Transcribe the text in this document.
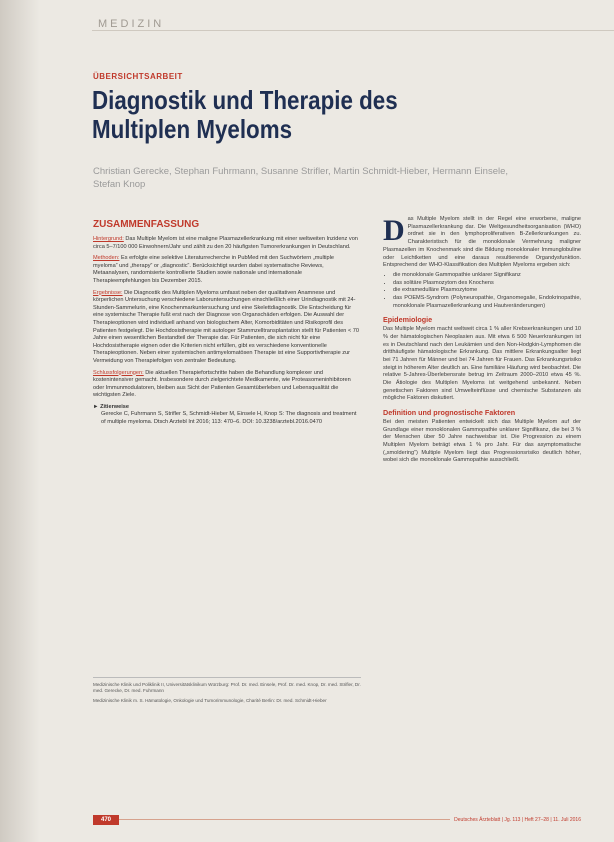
MEDIZIN
ÜBERSICHTSARBEIT
Diagnostik und Therapie des Multiplen Myeloms
Christian Gerecke, Stephan Fuhrmann, Susanne Strifler, Martin Schmidt-Hieber, Hermann Einsele, Stefan Knop
ZUSAMMENFASSUNG

Hintergrund: Das Multiple Myelom ist eine maligne Plasmazellerkrankung mit einer weltweiten Inzidenz von circa 5–7/100 000 Einwohnern/Jahr und zählt zu den 20 häufigsten Tumorerkrankungen in Deutschland.

Methoden: Es erfolgte eine selektive Literaturrecherche in PubMed mit den Suchwörtern „multiple myeloma“ und „therapy“ or „diagnostic“. Berücksichtigt wurden dabei systematische Reviews, Metaanalysen, randomisierte kontrollierte Studien sowie nationale und internationale Therapieempfehlungen bis Dezember 2015.

Ergebnisse: Die Diagnostik des Multiplen Myeloms umfasst neben der qualitativen Anamnese und körperlichen Untersuchung verschiedene Laboruntersuchungen einschließlich einer Urindiagnostik mit 24-Stunden-Sammelurin, eine Knochenmarkuntersuchung und eine Skelettdiagnostik. Die Entscheidung für eine systemische Therapie fußt erst nach der Diagnose von Organschäden erfolgen. Die Auswahl der Therapieoptionen wird individuell anhand von biologischem Alter, Komorbiditäten und Risikoprofil des Patienten festgelegt. Die Hochdosistherapie mit autologer Stammzelltransplantation stellt für Patienten < 70 Jahre einen wesentlichen Bestandteil der Therapie dar. Für Patienten, die sich nicht für eine Hochdosistherapie eignen oder die Kriterien nicht erfüllen, gibt es verschiedene konventionelle Therapieoptionen. Neben einer systemischen antimyelomatösen Therapie ist eine Supportivtherapie zur Vermeidung von Therapiefolgen von zentraler Bedeutung.

Schlussfolgerungen: Die aktuellen Therapiefortschritte haben die Behandlung komplexer und kostenintensiver gemacht. Insbesondere durch zielgerichtete Medikamente, wie Proteasomeninhibitoren oder Immunmodulatoren, bleiben aus Sicht der Patienten Gesamtüberleben und Lebensqualität die wichtigsten Ziele.

► Zitierweise
Gerecke C, Fuhrmann S, Strifler S, Schmidt-Hieber M, Einsele H, Knop S: The diagnosis and treatment of multiple myeloma. Dtsch Arztebl Int 2016; 113: 470–6. DOI: 10.3238/arztebl.2016.0470

Medizinische Klinik und Poliklinik II, Universitätsklinikum Würzburg: Prof. Dr. med. Einsele, Prof. Dr. med. Knop, Dr. med. Strifler, Dr. med. Gerecke, Dr. med. Fuhrmann

Medizinische Klinik m. S. Hämatologie, Onkologie und Tumorimmunologie, Charité Berlin: Dr. med. Schmidt-Hieber

Das Multiple Myelom stellt in der Regel eine erworbene, maligne Plasmazellerkrankung dar. Die Weltgesundheitsorganisation (WHO) ordnet sie in den lymphoproliferativen B-Zellerkrankungen zu. Charakteristisch für die monoklonale Vermehrung maligner Plasmazellen im Knochenmark sind die Bildung monoklonaler Immunglobuline oder Leichtketten und eine daraus resultierende Organdysfunktion. Entsprechend der WHO-Klassifikation des Multiplen Myeloms ergeben sich:

• die monoklonale Gammopathie unklarer Signifikanz
• das solitäre Plasmozytom des Knochens
• die extramedulläre Plasmozytome
• das POEMS-Syndrom (Polyneuropathie, Organomegalie, Endokrinopathie, monoklonale Plasmazellerkrankung und Hautveränderungen)
Epidemiologie

Das Multiple Myelom macht weltweit circa 1 % aller Krebserkrankungen und 10 % der hämatologischen Neoplasien aus. Mit etwa 6 500 Neuerkrankungen ist es in Deutschland nach den Leukämien und den Non-Hodgkin-Lymphomen die dritthäufigste hämatologische Erkrankung. Das mittlere Erkrankungsalter liegt bei 71 Jahren für Männer und bei 74 Jahren für Frauen. Das Erkrankungsrisiko steigt in höherem Alter deutlich an. Eine familiäre Häufung wird beobachtet. Die relative 5-Jahres-Überlebensrate betrug im Zeitraum 2000–2010 etwa 45 %. Die Ätiologie des Multiplen Myeloms ist weitgehend unbekannt. Neben genetischen Faktoren sind Umwelteinflüsse und chemische Substanzen als mögliche Faktoren diskutiert.

Definition und prognostische Faktoren

Bei den meisten Patienten entwickelt sich das Multiple Myelom auf der Grundlage einer monoklonalen Gammopathie unklarer Signifikanz, die bei 3 % der Menschen über 50 Jahre nachweisbar ist. Die Progression zu einem Multiplen Myelom beträgt etwa 1 % pro Jahr. Für das asymptomatische („smoldering“) Multiple Myelom liegt das Progressionsrisiko deutlich höher, wobei sich die monoklonale Gammopathie ausschließt.

470	Deutsches Ärzteblatt | Jg. 113 | Heft 27–28 | 11. Juli 2016
